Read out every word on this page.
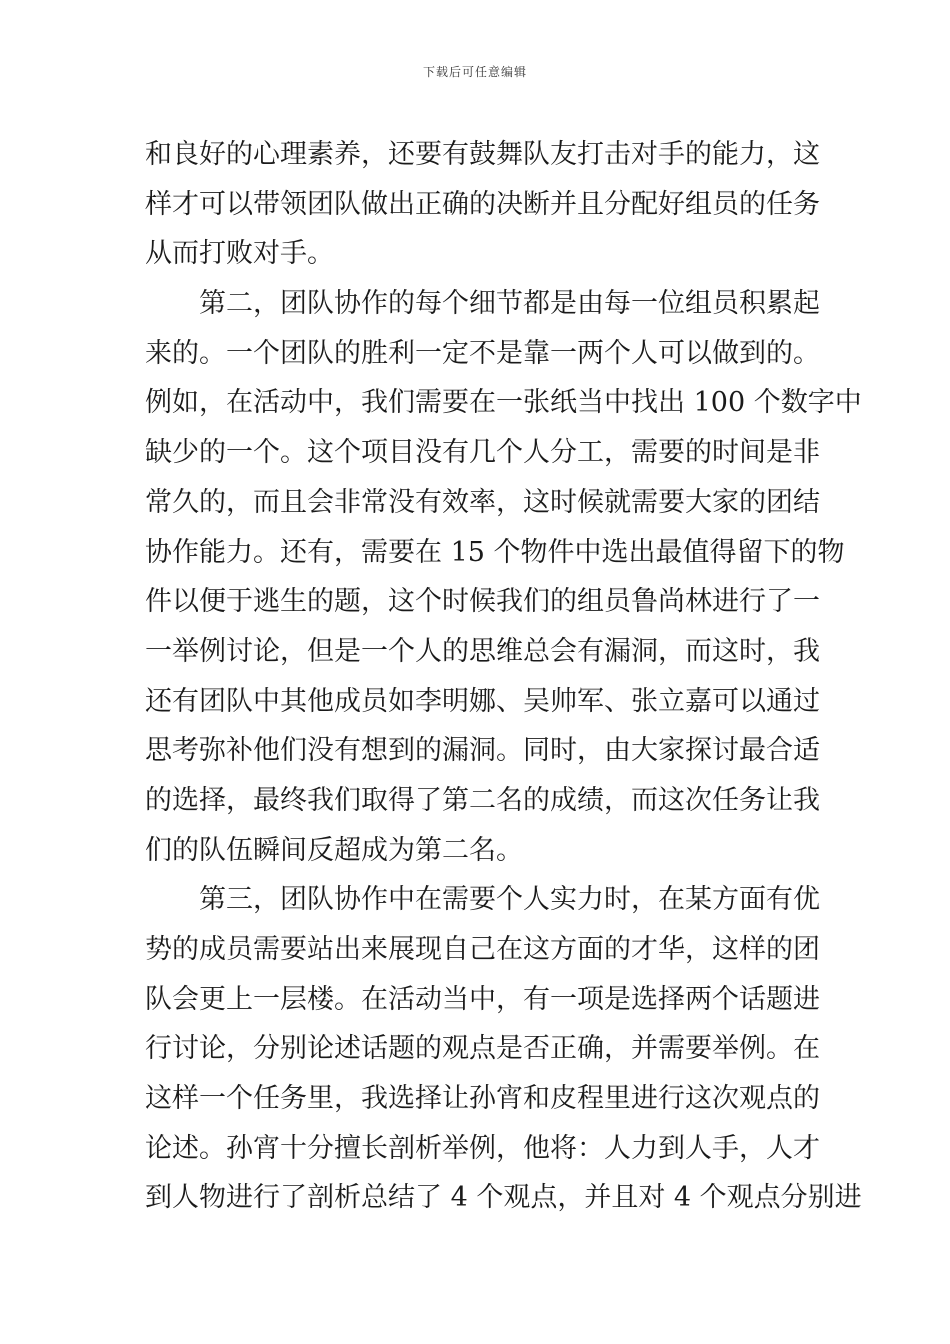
下载后可任意编辑
和良好的心理素养，还要有鼓舞队友打击对手的能力，这
样才可以带领团队做出正确的决断并且分配好组员的任务
从而打败对手。
第二，团队协作的每个细节都是由每一位组员积累起
来的。一个团队的胜利一定不是靠一两个人可以做到的。
例如，在活动中，我们需要在一张纸当中找出 100 个数字中
缺少的一个。这个项目没有几个人分工，需要的时间是非
常久的，而且会非常没有效率，这时候就需要大家的团结
协作能力。还有，需要在 15 个物件中选出最值得留下的物
件以便于逃生的题，这个时候我们的组员鲁尚林进行了一
一举例讨论，但是一个人的思维总会有漏洞，而这时，我
还有团队中其他成员如李明娜、吴帅军、张立嘉可以通过
思考弥补他们没有想到的漏洞。同时，由大家探讨最合适
的选择，最终我们取得了第二名的成绩，而这次任务让我
们的队伍瞬间反超成为第二名。
第三，团队协作中在需要个人实力时，在某方面有优
势的成员需要站出来展现自己在这方面的才华，这样的团
队会更上一层楼。在活动当中，有一项是选择两个话题进
行讨论，分别论述话题的观点是否正确，并需要举例。在
这样一个任务里，我选择让孙宵和皮程里进行这次观点的
论述。孙宵十分擅长剖析举例，他将：人力到人手，人才
到人物进行了剖析总结了 4 个观点，并且对 4 个观点分别进
